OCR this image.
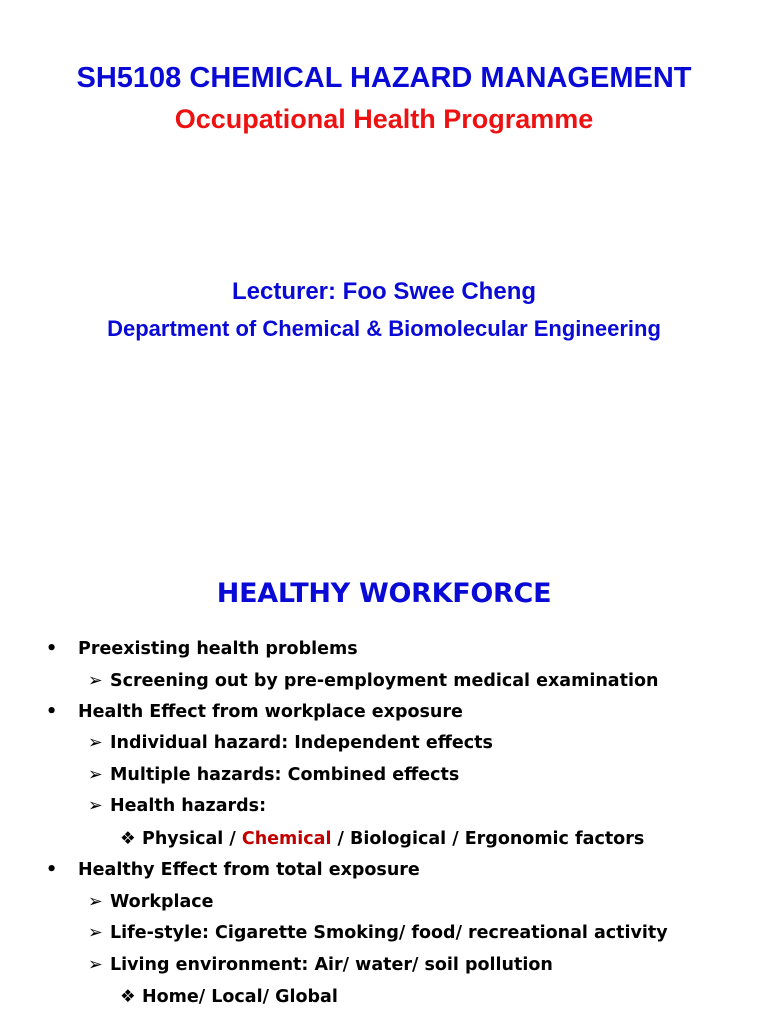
SH5108 CHEMICAL HAZARD MANAGEMENT
Occupational Health Programme
Lecturer: Foo Swee Cheng
Department of Chemical & Biomolecular Engineering
HEALTHY WORKFORCE
• Preexisting health problems
➢ Screening out by pre-employment medical examination
• Health Effect from workplace exposure
➢ Individual hazard: Independent effects
➢ Multiple hazards: Combined effects
➢ Health hazards:
❖ Physical / Chemical / Biological / Ergonomic factors
• Healthy Effect from total exposure
➢ Workplace
➢ Life-style: Cigarette Smoking/ food/ recreational activity
➢ Living environment: Air/ water/ soil pollution
❖ Home/ Local/ Global
